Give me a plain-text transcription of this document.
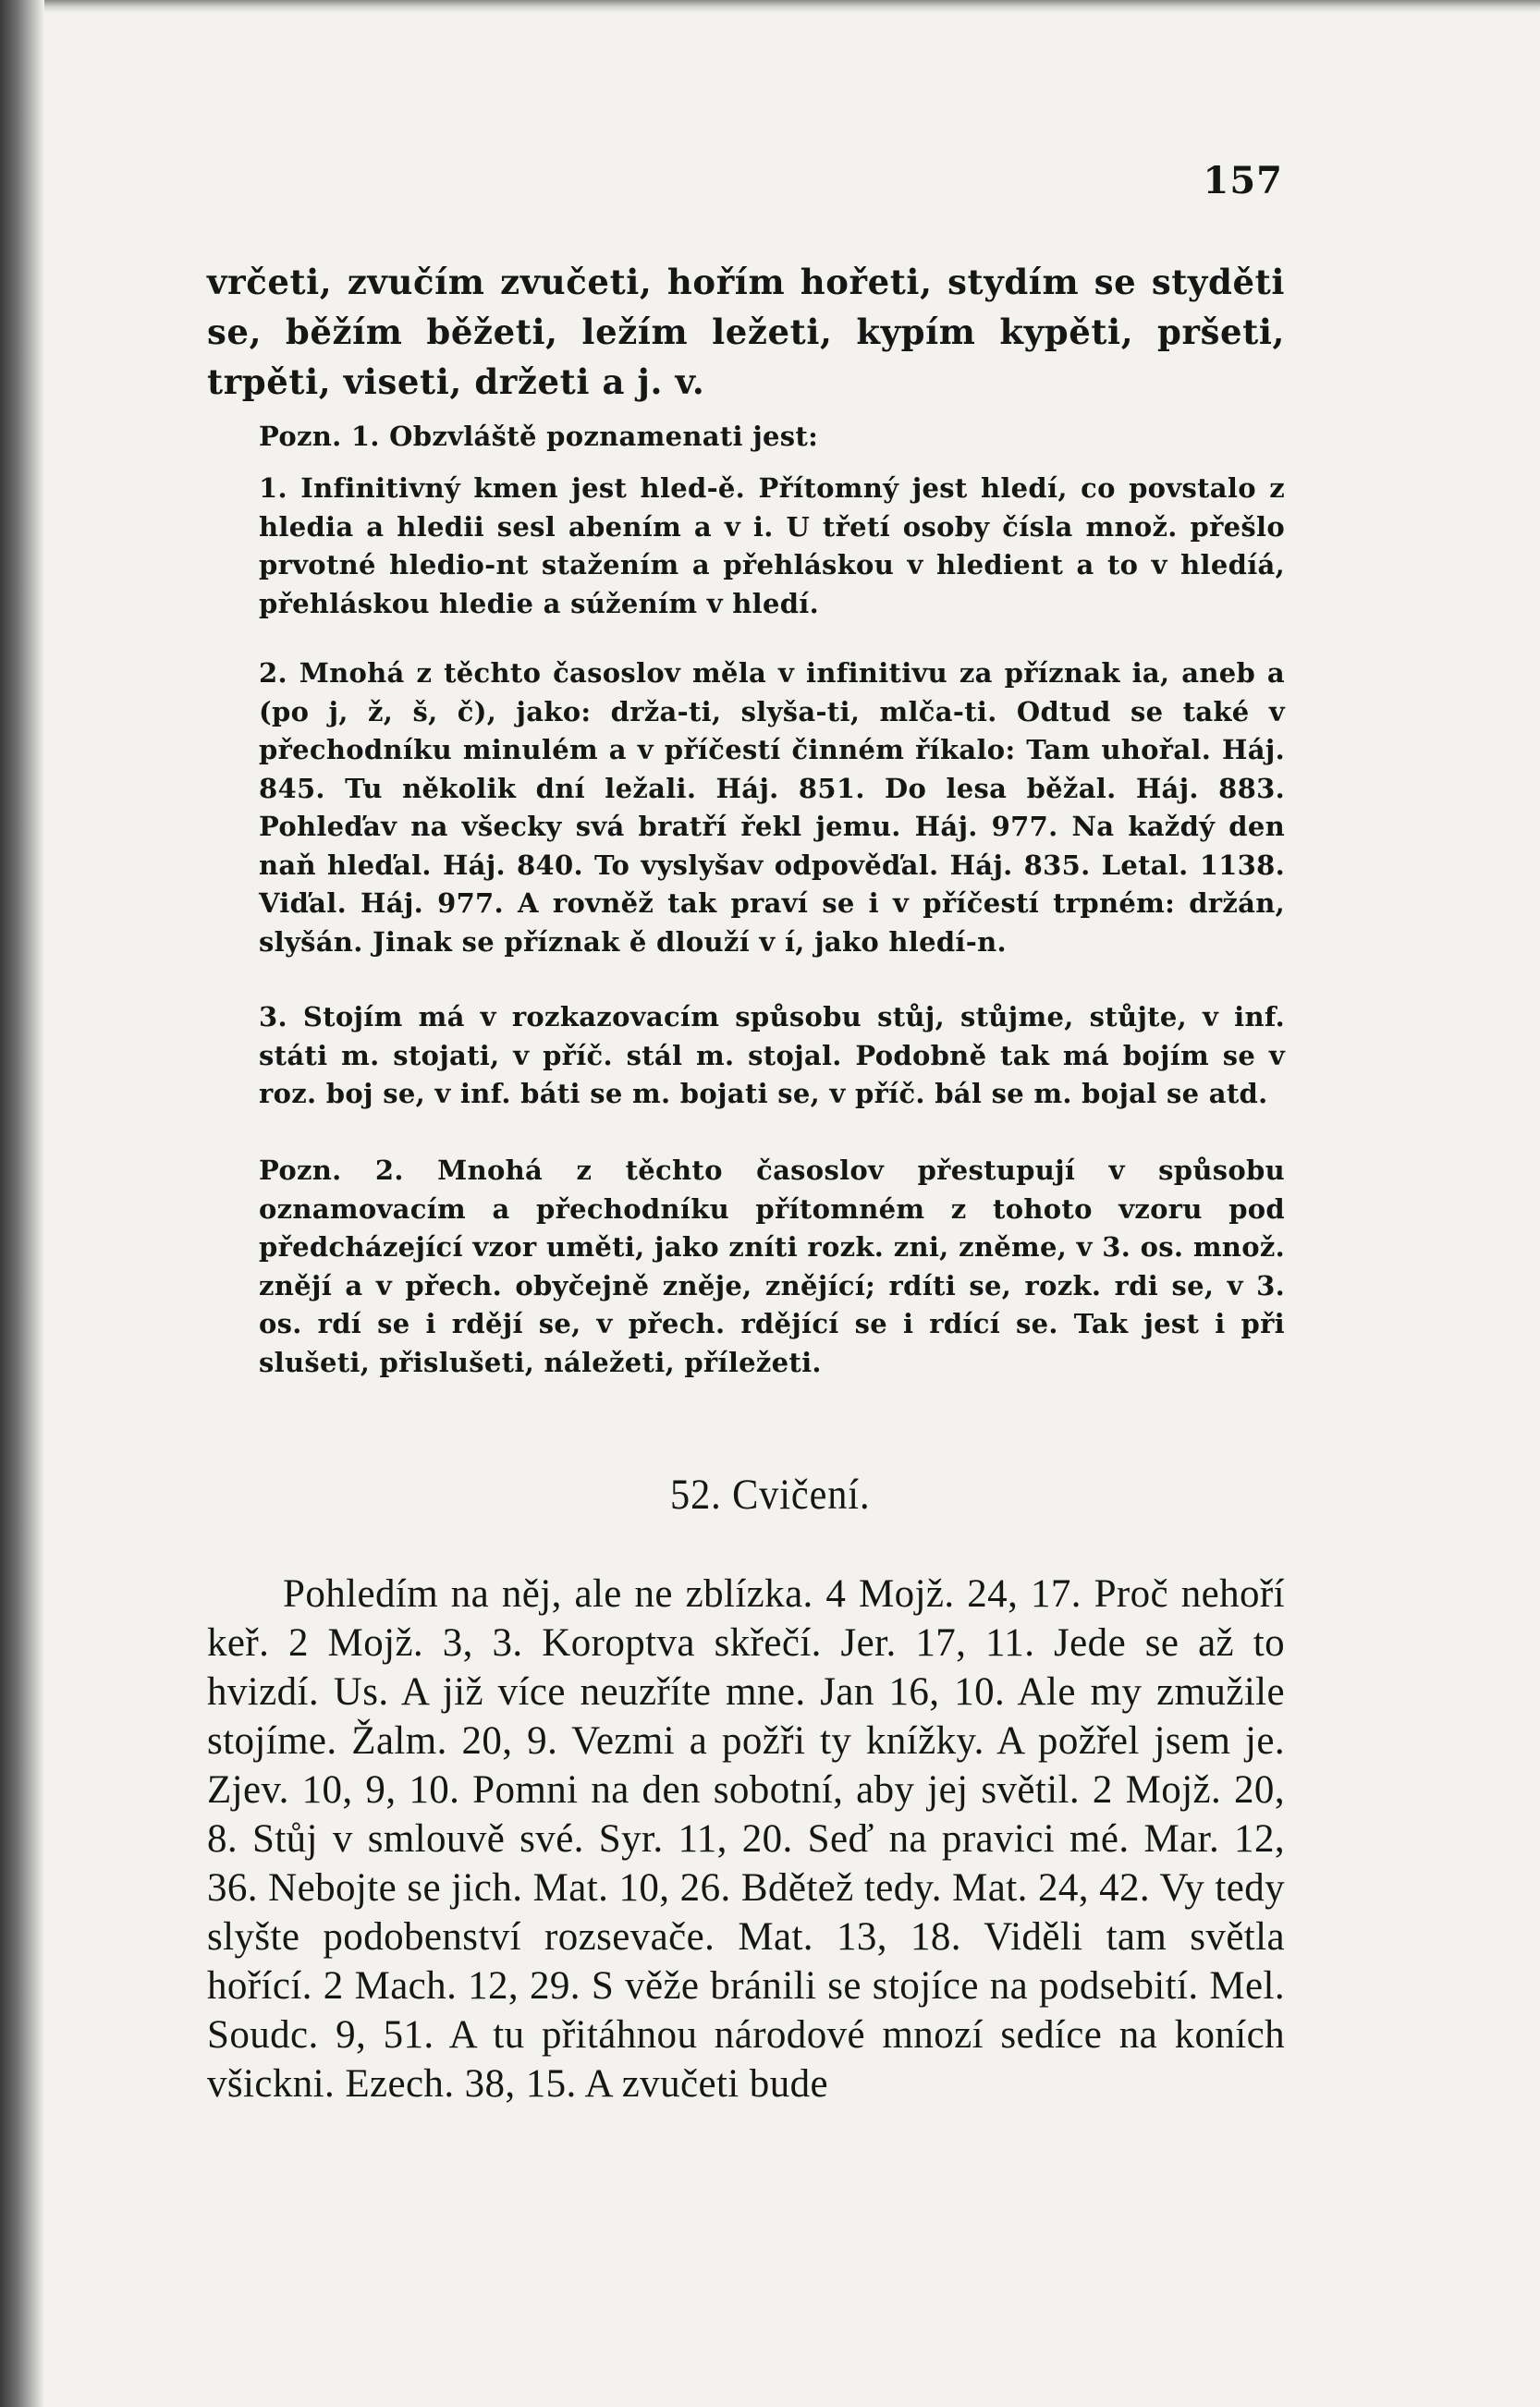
157

vrčeti, zvučím zvučeti, hořím hořeti, stydím se styděti se, běžím běžeti, ležím ležeti, kypím kypěti, pršeti, trpěti, viseti, držeti a j. v.

Pozn. 1. Obzvláště poznamenati jest:

1. Infinitivný kmen jest hled-ě. Přítomný jest hledí, co povstalo z hledia a hledii sesl abením a v i. U třetí osoby čísla množ. přešlo prvotné hledio-nt stažením a přehláskou v hledient a to v hledíá, přehláskou hledie a súžením v hledí.

2. Mnohá z těchto časoslov měla v infinitivu za příznak ia, aneb a (po j, ž, š, č), jako: drža-ti, slyša-ti, mlča-ti. Odtud se také v přechodníku minulém a v příčestí činném říkalo: Tam uhořal. Háj. 845. Tu několik dní ležali. Háj. 851. Do lesa běžal. Háj. 883. Pohleďav na všecky svá bratří řekl jemu. Háj. 977. Na každý den naň hleďal. Háj. 840. To vyslyšav odpověďal. Háj. 835. Letal. 1138. Viďal. Háj. 977. A rovněž tak praví se i v příčestí trpném: držán, slyšán. Jinak se příznak ě dlouží v í, jako hledí-n.

3. Stojím má v rozkazovacím spůsobu stůj, stůjme, stůjte, v inf. státi m. stojati, v příč. stál m. stojal. Podobně tak má bojím se v roz. boj se, v inf. báti se m. bojati se, v příč. bál se m. bojal se atd.

Pozn. 2. Mnohá z těchto časoslov přestupují v spůsobu oznamovacím a přechodníku přítomném z tohoto vzoru pod předcházející vzor uměti, jako zníti rozk. zni, zněme, v 3. os. množ. znějí a v přech. obyčejně zněje, znějící; rdíti se, rozk. rdi se, v 3. os. rdí se i rdějí se, v přech. rdějící se i rdící se. Tak jest i při slušeti, přislušeti, náležeti, příležeti.

52. Cvičení.

Pohledím na něj, ale ne zblízka. 4 Mojž. 24, 17. Proč nehoří keř. 2 Mojž. 3, 3. Koroptva skřečí. Jer. 17, 11. Jede se až to hvizdí. Us. A již více neuzříte mne. Jan 16, 10. Ale my zmužile stojíme. Žalm. 20, 9. Vezmi a požři ty knížky. A požřel jsem je. Zjev. 10, 9, 10. Pomni na den sobotní, aby jej světil. 2 Mojž. 20, 8. Stůj v smlouvě své. Syr. 11, 20. Seď na pravici mé. Mar. 12, 36. Nebojte se jich. Mat. 10, 26. Bdětež tedy. Mat. 24, 42. Vy tedy slyšte podobenství rozsevače. Mat. 13, 18. Viděli tam světla hořící. 2 Mach. 12, 29. S věže bránili se stojíce na podsebití. Mel. Soudc. 9, 51. A tu přitáhnou národové mnozí sedíce na koních všickni. Ezech. 38, 15. A zvučeti bude
